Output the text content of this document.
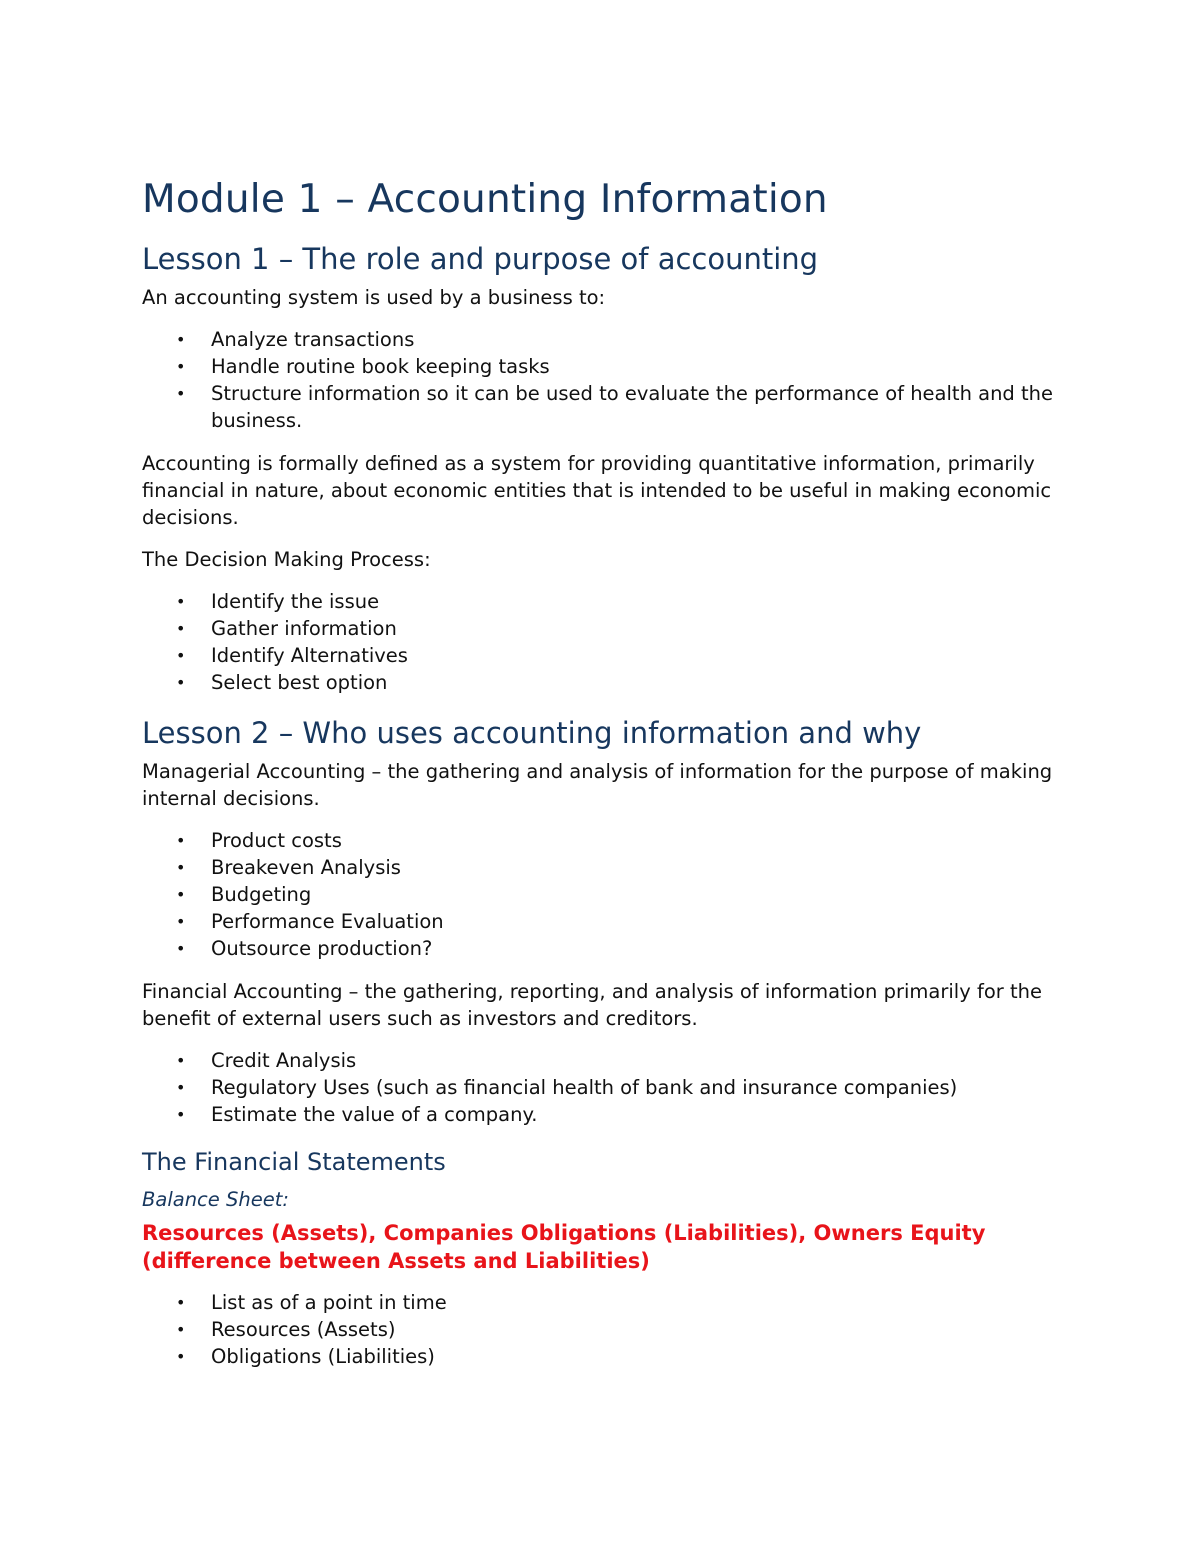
Module 1 – Accounting Information
Lesson 1 – The role and purpose of accounting

An accounting system is used by a business to:

• Analyze transactions
• Handle routine book keeping tasks
• Structure information so it can be used to evaluate the performance of health and the business.

Accounting is formally defined as a system for providing quantitative information, primarily financial in nature, about economic entities that is intended to be useful in making economic decisions.

The Decision Making Process:

• Identify the issue
• Gather information
• Identify Alternatives
• Select best option
Lesson 2 – Who uses accounting information and why

Managerial Accounting – the gathering and analysis of information for the purpose of making internal decisions.

• Product costs
• Breakeven Analysis
• Budgeting
• Performance Evaluation
• Outsource production?

Financial Accounting – the gathering, reporting, and analysis of information primarily for the benefit of external users such as investors and creditors.

• Credit Analysis
• Regulatory Uses (such as financial health of bank and insurance companies)
• Estimate the value of a company.
The Financial Statements
Balance Sheet:
Resources (Assets), Companies Obligations (Liabilities), Owners Equity (difference between Assets and Liabilities)
• List as of a point in time
• Resources (Assets)
• Obligations (Liabilities)
